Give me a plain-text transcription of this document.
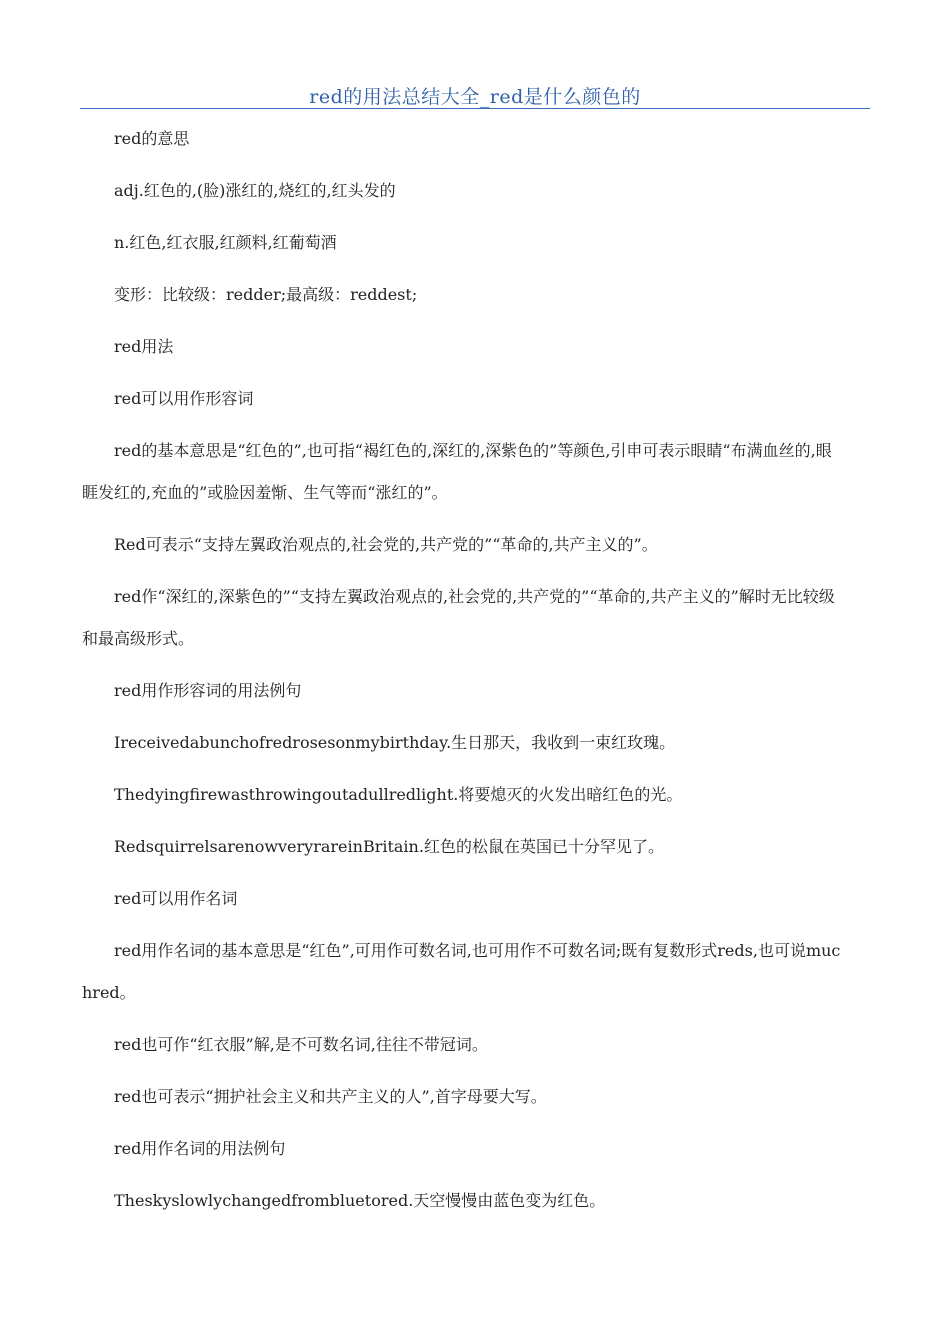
red的用法总结大全_red是什么颜色的

red的意思

adj.红色的,(脸)涨红的,烧红的,红头发的

n.红色,红衣服,红颜料,红葡萄酒

变形：比较级：redder;最高级：reddest;

red用法

red可以用作形容词

red的基本意思是“红色的”,也可指“褐红色的,深红的,深紫色的”等颜色,引申可表示眼睛“布满血丝的,眼睚发红的,充血的”或脸因羞惭、生气等而“涨红的”。

Red可表示“支持左翼政治观点的,社会党的,共产党的”“革命的,共产主义的”。

red作“深红的,深紫色的”“支持左翼政治观点的,社会党的,共产党的”“革命的,共产主义的”解时无比较级和最高级形式。

red用作形容词的用法例句

Ireceivedabunchofredrosesonmybirthday.生日那天，我收到一束红玫瑰。

Thedyingfirewasthrowingoutadullredlight.将要熄灭的火发出暗红色的光。

RedsquirrelsarenowveryrareinBritain.红色的松鼠在英国已十分罕见了。

red可以用作名词

red用作名词的基本意思是“红色”,可用作可数名词,也可用作不可数名词;既有复数形式reds,也可说muchred。

red也可作“红衣服”解,是不可数名词,往往不带冠词。

red也可表示“拥护社会主义和共产主义的人”,首字母要大写。

red用作名词的用法例句

Theskyslowlychangedfrombluetored.天空慢慢由蓝色变为红色。
